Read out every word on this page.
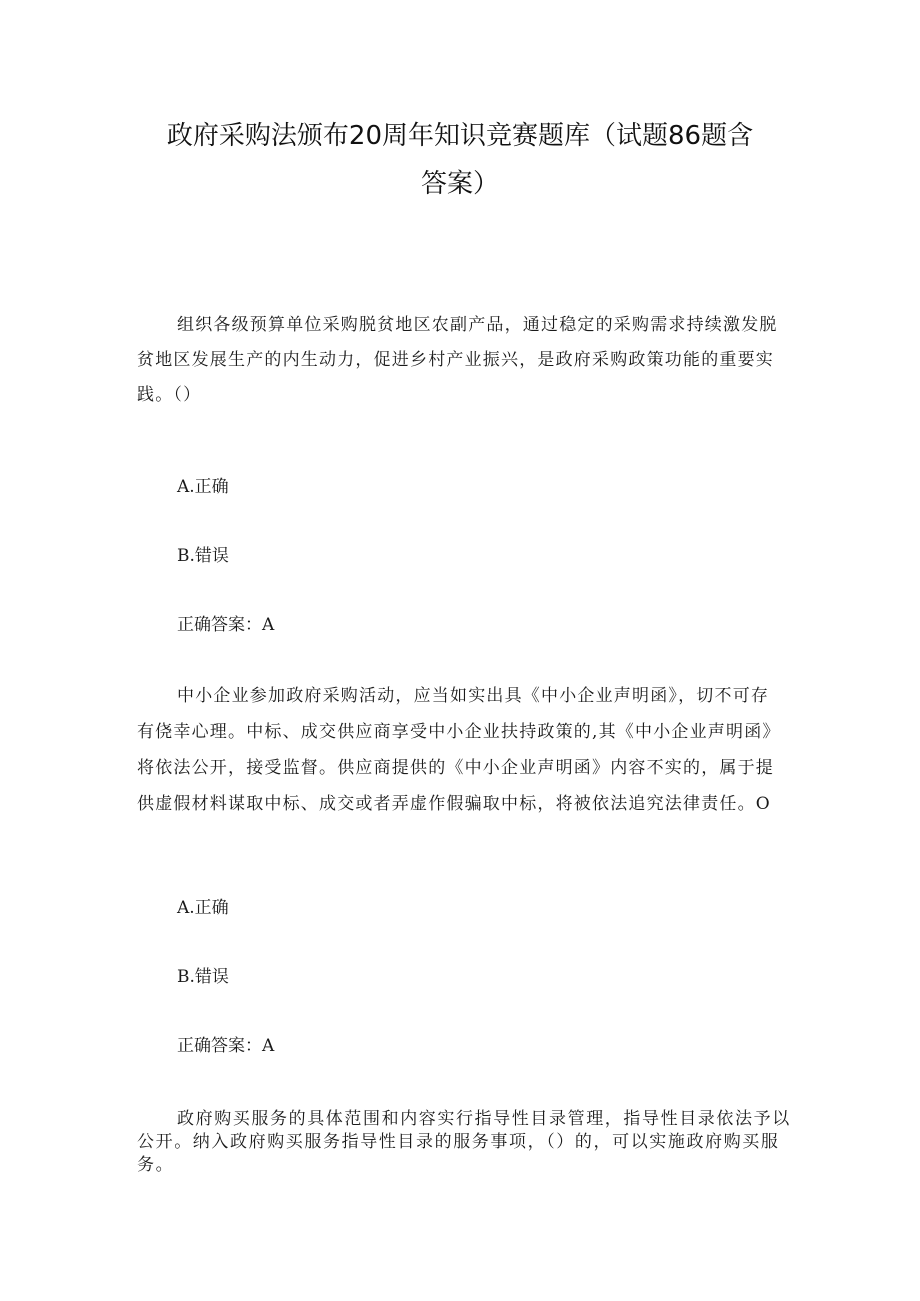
政府采购法颁布20周年知识竞赛题库（试题86题含
答案）
组织各级预算单位采购脱贫地区农副产品，通过稳定的采购需求持续激发脱
贫地区发展生产的内生动力，促进乡村产业振兴，是政府采购政策功能的重要实
践。（）
A.正确
B.错误
正确答案：A
中小企业参加政府采购活动，应当如实出具《中小企业声明函》，切不可存
有侥幸心理。中标、成交供应商享受中小企业扶持政策的,其《中小企业声明函》
将依法公开，接受监督。供应商提供的《中小企业声明函》内容不实的，属于提
供虚假材料谋取中标、成交或者弄虚作假骗取中标，将被依法追究法律责任。O
A.正确
B.错误
正确答案：A
政府购买服务的具体范围和内容实行指导性目录管理，指导性目录依法予以
公开。纳入政府购买服务指导性目录的服务事项，（）的，可以实施政府购买服
务。
